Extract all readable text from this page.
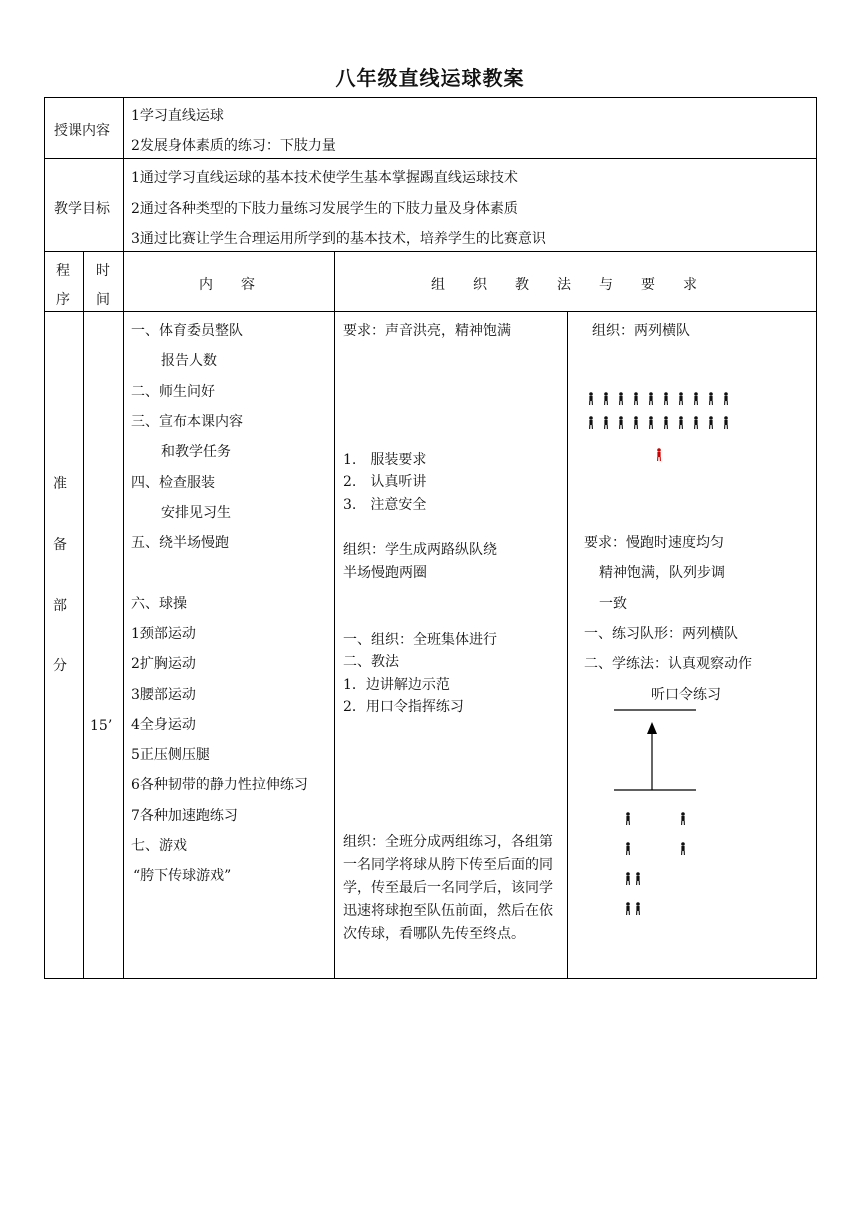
八年级直线运球教案
授课内容
1学习直线运球
2发展身体素质的练习：下肢力量
教学目标
1通过学习直线运球的基本技术使学生基本掌握踢直线运球技术
2通过各种类型的下肢力量练习发展学生的下肢力量及身体素质
3通过比赛让学生合理运用所学到的基本技术，培养学生的比赛意识
程
序
时
间
内　　容	组　　织　　教　　法　　与　　要　　求
准
备
部
分
15’
一、体育委员整队
报告人数
二、师生问好
三、宣布本课内容
和教学任务
四、检查服装
安排见习生
五、绕半场慢跑
六、球操
1颈部运动
2扩胸运动
3腰部运动
4全身运动
5正压侧压腿
6各种韧带的静力性拉伸练习
7各种加速跑练习
七、游戏
“胯下传球游戏”
要求：声音洪亮，精神饱满
1.　服装要求
2.　认真听讲
3.　注意安全
组织：学生成两路纵队绕
半场慢跑两圈
一、组织：全班集体进行
二、教法
1．边讲解边示范
2．用口令指挥练习
组织：全班分成两组练习，各组第一名同学将球从胯下传至后面的同学，传至最后一名同学后，该同学迅速将球抱至队伍前面，然后在依次传球，看哪队先传至终点。
组织：两列横队
要求：慢跑时速度均匀
精神饱满，队列步调
一致
一、练习队形：两列横队
二、学练法：认真观察动作
听口令练习
